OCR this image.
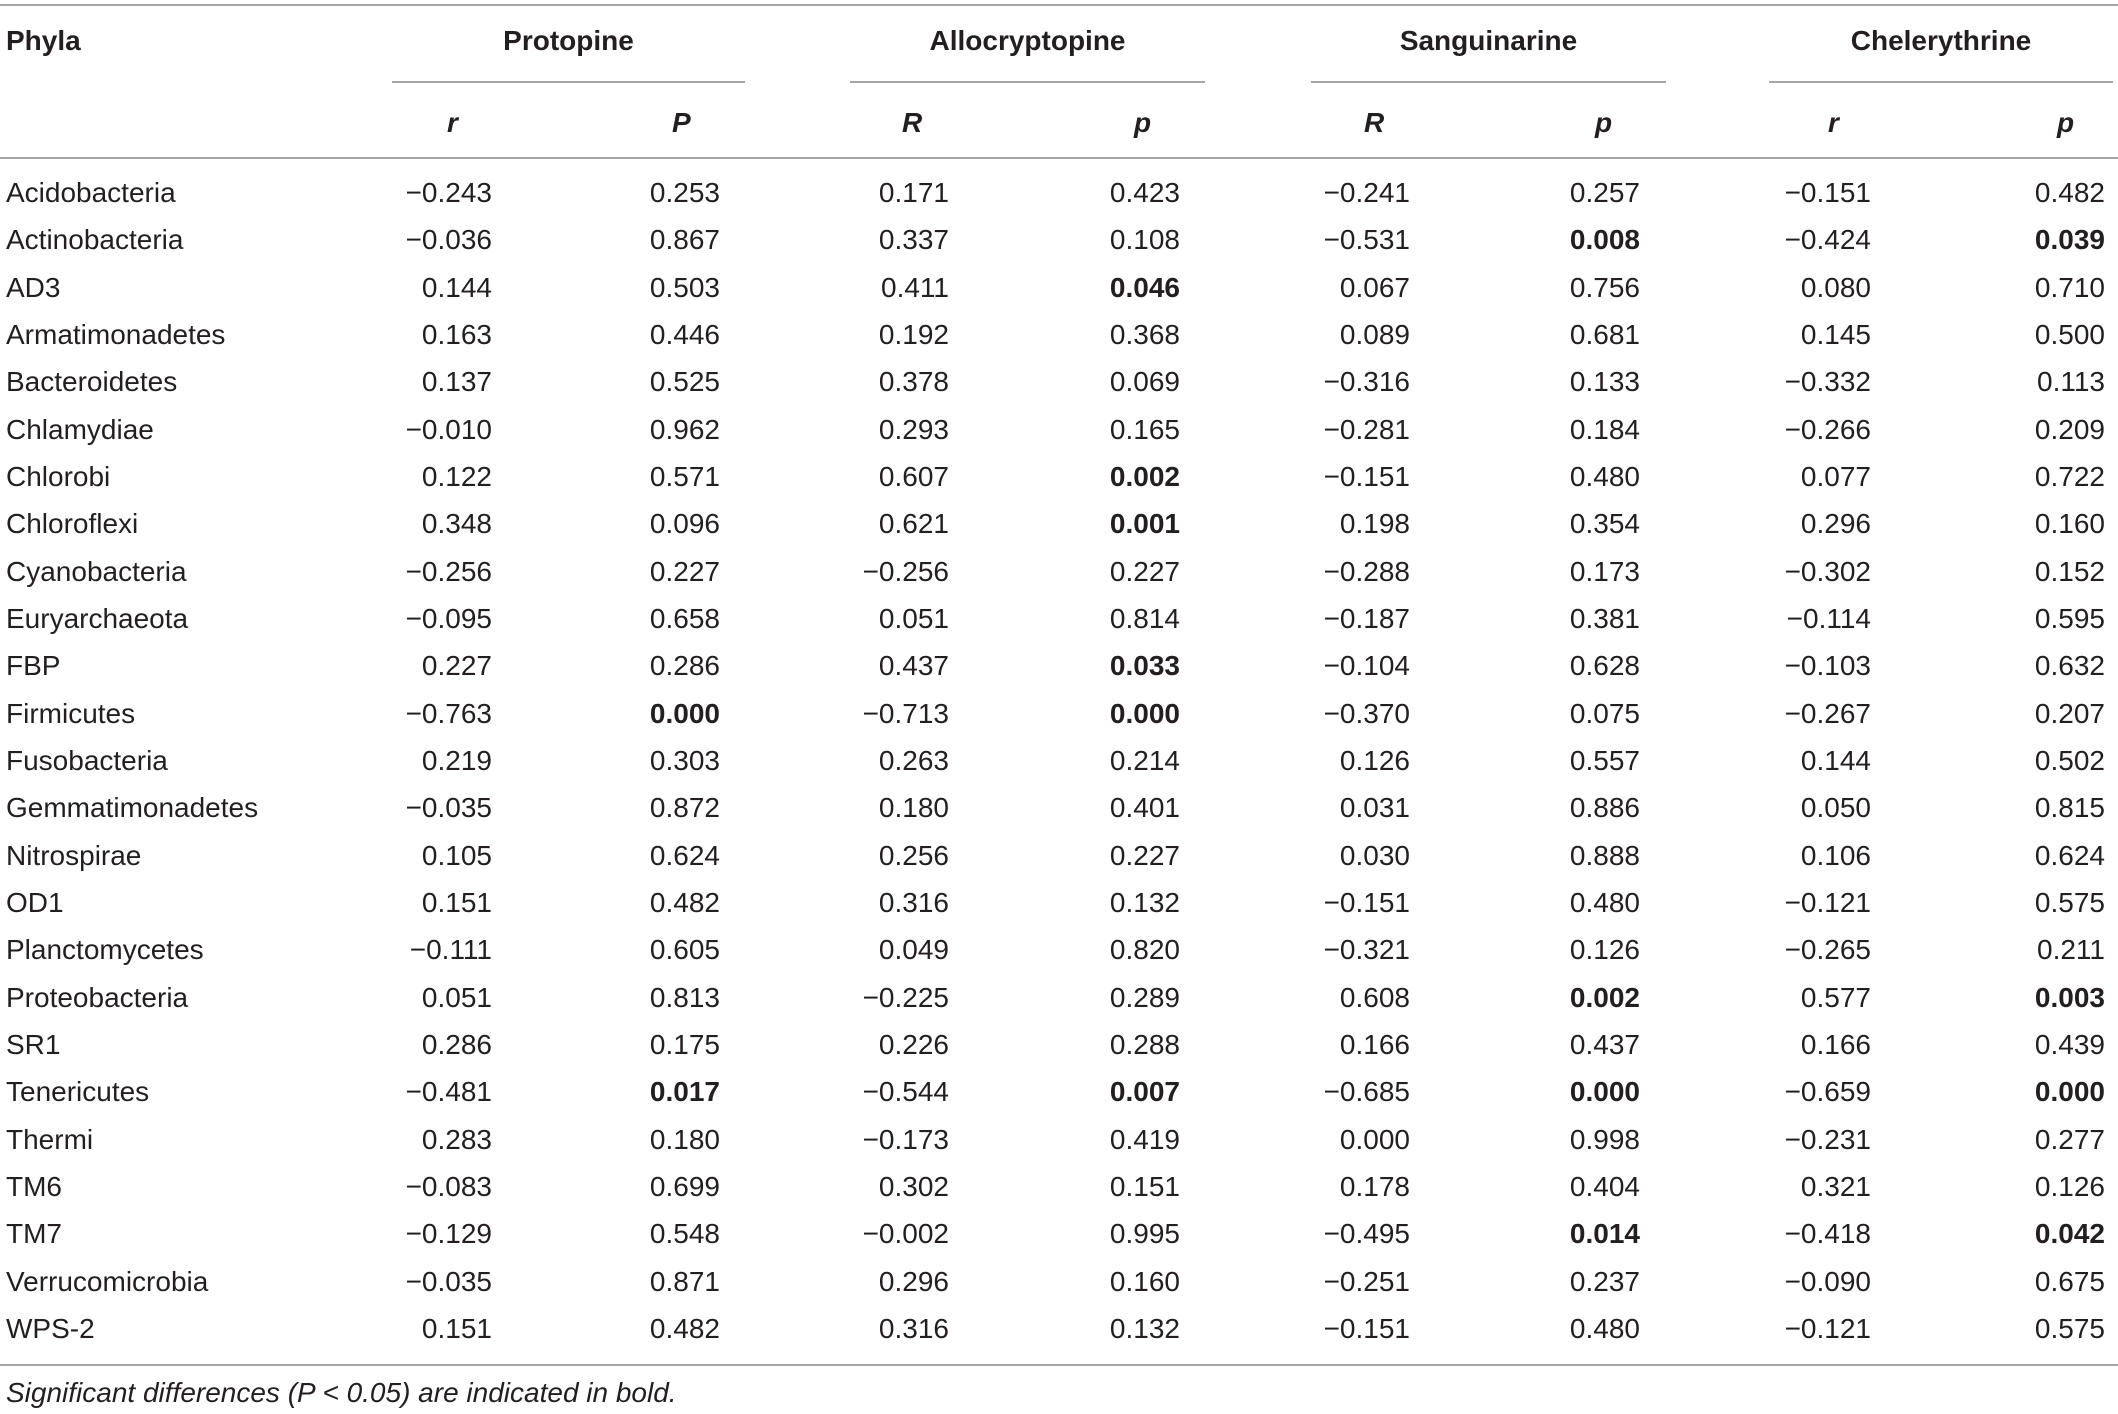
Phyla	Protopine	Allocryptopine	Sanguinarine	Chelerythrine
r	P	R	p	R	p	r	p
Acidobacteria	−0.243	0.253	0.171	0.423	−0.241	0.257	−0.151	0.482
Actinobacteria	−0.036	0.867	0.337	0.108	−0.531	0.008	−0.424	0.039
AD3	0.144	0.503	0.411	0.046	0.067	0.756	0.080	0.710
Armatimonadetes	0.163	0.446	0.192	0.368	0.089	0.681	0.145	0.500
Bacteroidetes	0.137	0.525	0.378	0.069	−0.316	0.133	−0.332	0.113
Chlamydiae	−0.010	0.962	0.293	0.165	−0.281	0.184	−0.266	0.209
Chlorobi	0.122	0.571	0.607	0.002	−0.151	0.480	0.077	0.722
Chloroflexi	0.348	0.096	0.621	0.001	0.198	0.354	0.296	0.160
Cyanobacteria	−0.256	0.227	−0.256	0.227	−0.288	0.173	−0.302	0.152
Euryarchaeota	−0.095	0.658	0.051	0.814	−0.187	0.381	−0.114	0.595
FBP	0.227	0.286	0.437	0.033	−0.104	0.628	−0.103	0.632
Firmicutes	−0.763	0.000	−0.713	0.000	−0.370	0.075	−0.267	0.207
Fusobacteria	0.219	0.303	0.263	0.214	0.126	0.557	0.144	0.502
Gemmatimonadetes	−0.035	0.872	0.180	0.401	0.031	0.886	0.050	0.815
Nitrospirae	0.105	0.624	0.256	0.227	0.030	0.888	0.106	0.624
OD1	0.151	0.482	0.316	0.132	−0.151	0.480	−0.121	0.575
Planctomycetes	−0.111	0.605	0.049	0.820	−0.321	0.126	−0.265	0.211
Proteobacteria	0.051	0.813	−0.225	0.289	0.608	0.002	0.577	0.003
SR1	0.286	0.175	0.226	0.288	0.166	0.437	0.166	0.439
Tenericutes	−0.481	0.017	−0.544	0.007	−0.685	0.000	−0.659	0.000
Thermi	0.283	0.180	−0.173	0.419	0.000	0.998	−0.231	0.277
TM6	−0.083	0.699	0.302	0.151	0.178	0.404	0.321	0.126
TM7	−0.129	0.548	−0.002	0.995	−0.495	0.014	−0.418	0.042
Verrucomicrobia	−0.035	0.871	0.296	0.160	−0.251	0.237	−0.090	0.675
WPS-2	0.151	0.482	0.316	0.132	−0.151	0.480	−0.121	0.575
Significant differences (P < 0.05) are indicated in bold.
